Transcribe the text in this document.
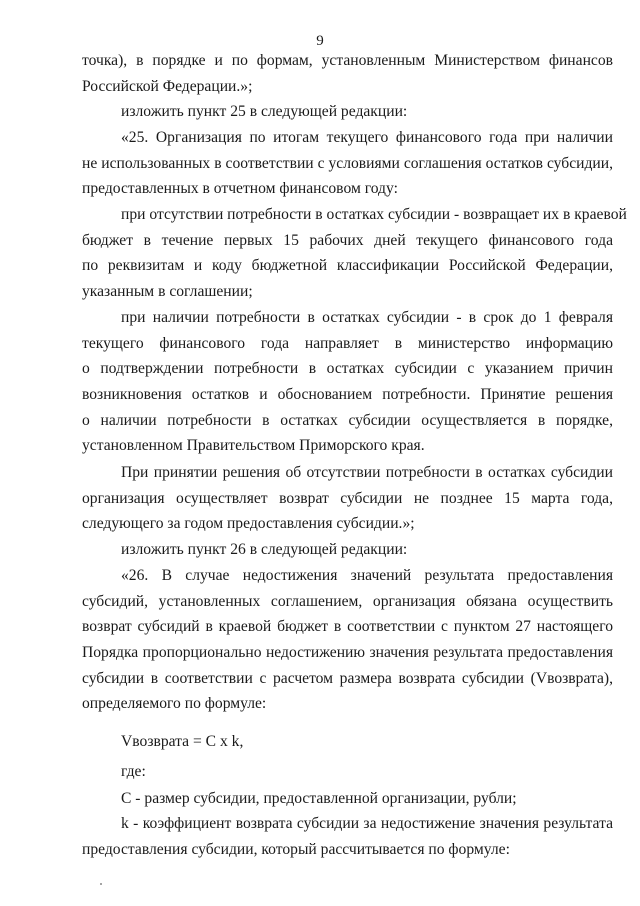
9
точка), в порядке и по формам, установленным Министерством финансов
Российской Федерации.»;
изложить пункт 25 в следующей редакции:
«25. Организация по итогам текущего финансового года при наличии
не использованных в соответствии с условиями соглашения остатков субсидии,
предоставленных в отчетном финансовом году:
при отсутствии потребности в остатках субсидии - возвращает их в краевой
бюджет в течение первых 15 рабочих дней текущего финансового года
по реквизитам и коду бюджетной классификации Российской Федерации,
указанным в соглашении;
при наличии потребности в остатках субсидии - в срок до 1 февраля
текущего финансового года направляет в министерство информацию
о подтверждении потребности в остатках субсидии с указанием причин
возникновения остатков и обоснованием потребности. Принятие решения
о наличии потребности в остатках субсидии осуществляется в порядке,
установленном Правительством Приморского края.
При принятии решения об отсутствии потребности в остатках субсидии
организация осуществляет возврат субсидии не позднее 15 марта года,
следующего за годом предоставления субсидии.»;
изложить пункт 26 в следующей редакции:
«26. В случае недостижения значений результата предоставления
субсидий, установленных соглашением, организация обязана осуществить
возврат субсидий в краевой бюджет в соответствии с пунктом 27 настоящего
Порядка пропорционально недостижению значения результата предоставления
субсидии в соответствии с расчетом размера возврата субсидии (Vвозврата),
определяемого по формуле:
Vвозврата = C x k,
где:
C - размер субсидии, предоставленной организации, рубли;
k - коэффициент возврата субсидии за недостижение значения результата
предоставления субсидии, который рассчитывается по формуле:
